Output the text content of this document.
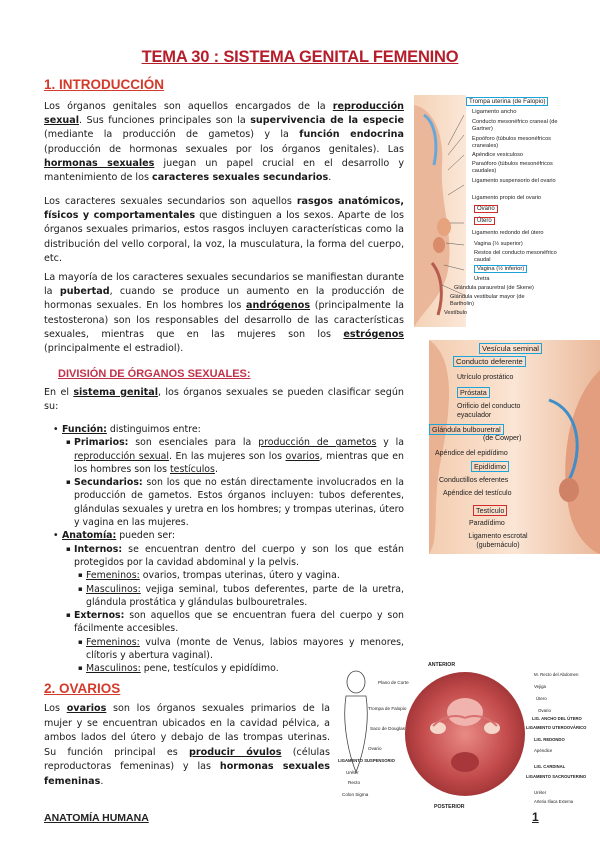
TEMA 30 : SISTEMA GENITAL FEMENINO
1. INTRODUCCIÓN

Los órganos genitales son aquellos encargados de la reproducción sexual. Sus funciones principales son la supervivencia de la especie (mediante la producción de gametos) y la función endocrina (producción de hormonas sexuales por los órganos genitales). Las hormonas sexuales juegan un papel crucial en el desarrollo y mantenimiento de los caracteres sexuales secundarios.

Los caracteres sexuales secundarios son aquellos rasgos anatómicos, físicos y comportamentales que distinguen a los sexos. Aparte de los órganos sexuales primarios, estos rasgos incluyen características como la distribución del vello corporal, la voz, la musculatura, la forma del cuerpo, etc.

La mayoría de los caracteres sexuales secundarios se manifiestan durante la pubertad, cuando se produce un aumento en la producción de hormonas sexuales. En los hombres los andrógenos (principalmente la testosterona) son los responsables del desarrollo de las características sexuales, mientras que en las mujeres son los estrógenos (principalmente el estradiol).

DIVISIÓN DE ÓRGANOS SEXUALES:

En el sistema genital, los órganos sexuales se pueden clasificar según su:

• Función: distinguimos entre:
▪ Primarios: son esenciales para la producción de gametos y la reproducción sexual. En las mujeres son los ovarios, mientras que en los hombres son los testículos.
▪ Secundarios: son los que no están directamente involucrados en la producción de gametos. Estos órganos incluyen: tubos deferentes, glándulas sexuales y uretra en los hombres; y trompas uterinas, útero y vagina en las mujeres.
• Anatomía: pueden ser:
▪ Internos: se encuentran dentro del cuerpo y son los que están protegidos por la cavidad abdominal y la pelvis.
▪ Femeninos: ovarios, trompas uterinas, útero y vagina.
▪ Masculinos: vejiga seminal, tubos deferentes, parte de la uretra, glándula prostática y glándulas bulbouretrales.
▪ Externos: son aquellos que se encuentran fuera del cuerpo y son fácilmente accesibles.
▪ Femeninos: vulva (monte de Venus, labios mayores y menores, clítoris y abertura vaginal).
▪ Masculinos: pene, testículos y epidídimo.
2. OVARIOS

Los ovarios son los órganos sexuales primarios de la mujer y se encuentran ubicados en la cavidad pélvica, a ambos lados del útero y debajo de las trompas uterinas. Su función principal es producir óvulos (células reproductoras femeninas) y las hormonas sexuales femeninas.

Trompa uterina (de Falopio)
Ligamento ancho
Conducto mesonéfrico craneal (de Gartner)
Epoóforo (túbulos mesonéfricos craneales)
Apéndice vesiculoso
Paraóforo (túbulos mesonéfricos caudales)
Ligamento suspensorio del ovario
Ligamento propio del ovario
Ovario
Útero
Ligamento redondo del útero
Vagina (½ superior)
Restos del conducto mesonéfrico caudal
Vagina (½ inferior)
Uretra
Glándula parauretral (de Skene)
Glándula vestibular mayor (de Bartholin)
Vestíbulo
Vesícula seminal
Conducto deferente
Utrículo prostático
Próstata
Orificio del conducto eyaculador
Glándula bulbouretral
(de Cowper)
Apéndice del epidídimo
Epidídimo
Conductillos eferentes
Apéndice del testículo
Testículo
Paradídimo
Ligamento escrotal (gubernáculo)
ANTERIOR
POSTERIOR
Plano de Corte
Trompa de Falopio
Saco de Douglas
Ovario
LIGAMENTO SUSPENSORIO
Uréter
Recto
Colon Sigma
M. Recto del Abdomen
Vejiga
Útero
Ovario
LIG. ANCHO DEL ÚTERO
LIGAMENTO UTEROOVÁRICO
LIG. REDONDO
Apéndice
LIG. CARDINAL
LIGAMENTO SACROUTERINO
Uréter
Arteria Ilíaca Externa
ANATOMÍA HUMANA	1
